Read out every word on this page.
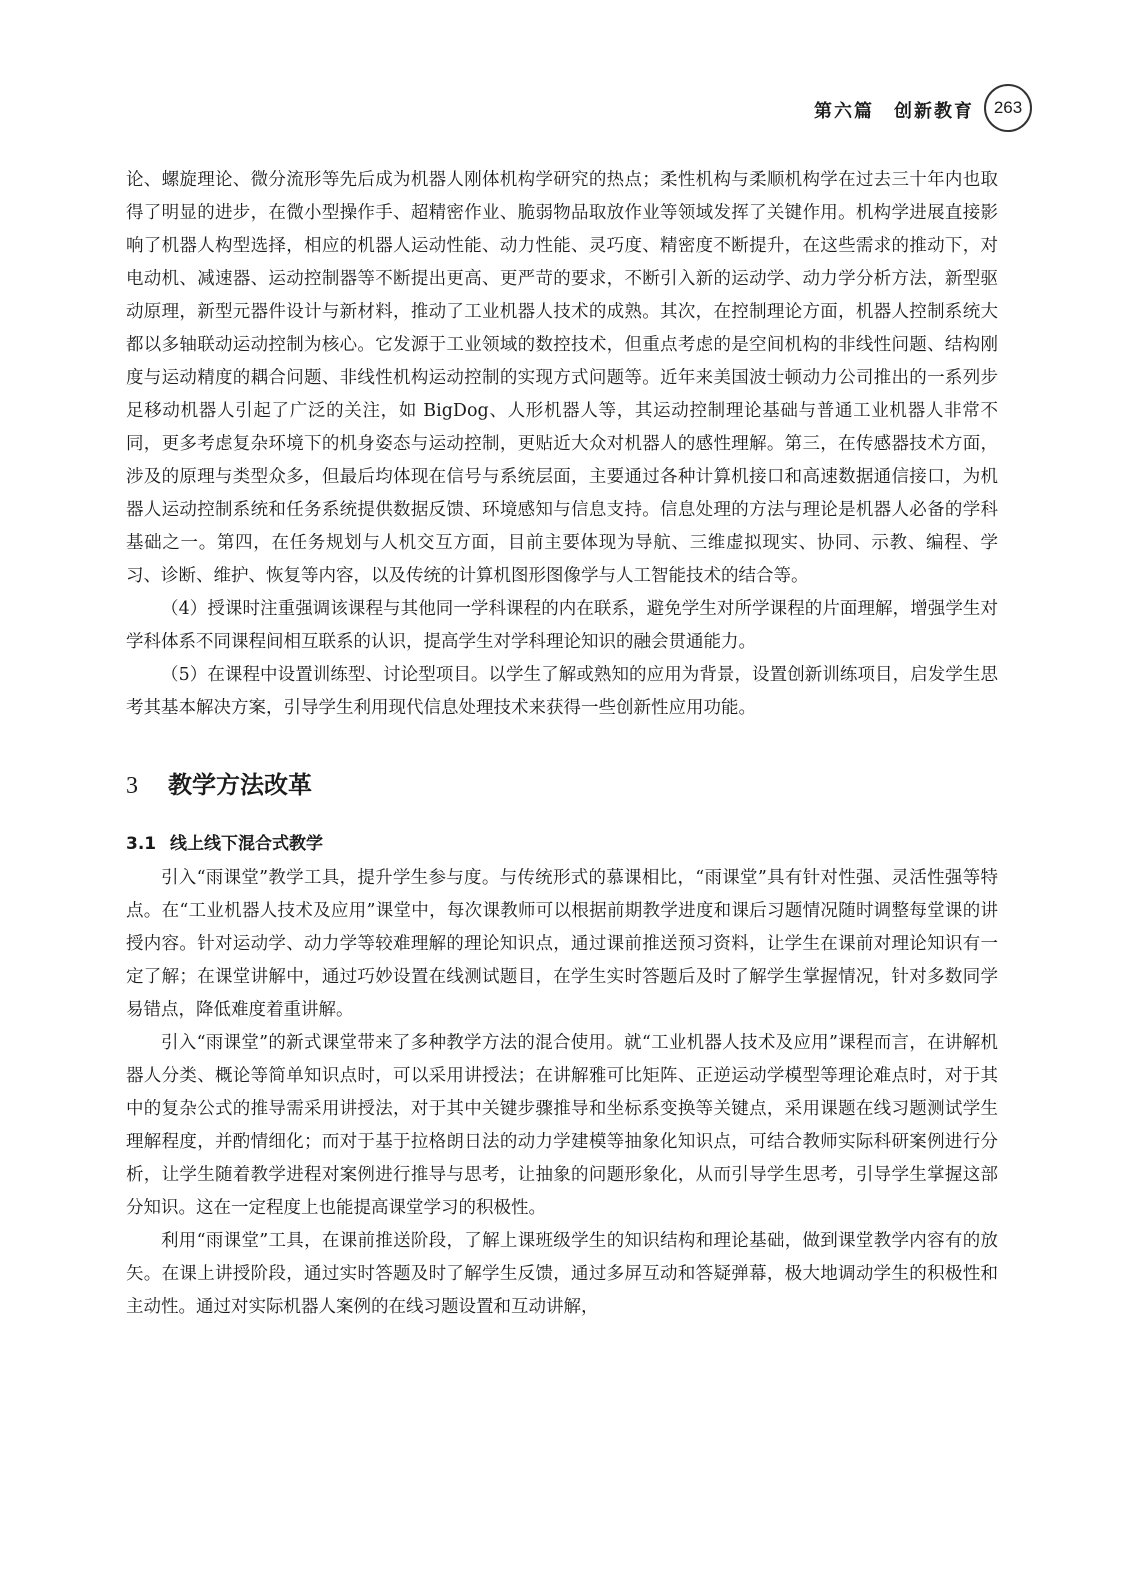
第六篇　创新教育	263

论、螺旋理论、微分流形等先后成为机器人刚体机构学研究的热点；柔性机构与柔顺机构学在过去三十年内也取得了明显的进步，在微小型操作手、超精密作业、脆弱物品取放作业等领域发挥了关键作用。机构学进展直接影响了机器人构型选择，相应的机器人运动性能、动力性能、灵巧度、精密度不断提升，在这些需求的推动下，对电动机、减速器、运动控制器等不断提出更高、更严苛的要求，不断引入新的运动学、动力学分析方法，新型驱动原理，新型元器件设计与新材料，推动了工业机器人技术的成熟。其次，在控制理论方面，机器人控制系统大都以多轴联动运动控制为核心。它发源于工业领域的数控技术，但重点考虑的是空间机构的非线性问题、结构刚度与运动精度的耦合问题、非线性机构运动控制的实现方式问题等。近年来美国波士顿动力公司推出的一系列步足移动机器人引起了广泛的关注，如 BigDog、人形机器人等，其运动控制理论基础与普通工业机器人非常不同，更多考虑复杂环境下的机身姿态与运动控制，更贴近大众对机器人的感性理解。第三，在传感器技术方面，涉及的原理与类型众多，但最后均体现在信号与系统层面，主要通过各种计算机接口和高速数据通信接口，为机器人运动控制系统和任务系统提供数据反馈、环境感知与信息支持。信息处理的方法与理论是机器人必备的学科基础之一。第四，在任务规划与人机交互方面，目前主要体现为导航、三维虚拟现实、协同、示教、编程、学习、诊断、维护、恢复等内容，以及传统的计算机图形图像学与人工智能技术的结合等。

（4）授课时注重强调该课程与其他同一学科课程的内在联系，避免学生对所学课程的片面理解，增强学生对学科体系不同课程间相互联系的认识，提高学生对学科理论知识的融会贯通能力。

（5）在课程中设置训练型、讨论型项目。以学生了解或熟知的应用为背景，设置创新训练项目，启发学生思考其基本解决方案，引导学生利用现代信息处理技术来获得一些创新性应用功能。

3 教学方法改革
3.1 线上线下混合式教学

引入“雨课堂”教学工具，提升学生参与度。与传统形式的慕课相比，“雨课堂”具有针对性强、灵活性强等特点。在“工业机器人技术及应用”课堂中，每次课教师可以根据前期教学进度和课后习题情况随时调整每堂课的讲授内容。针对运动学、动力学等较难理解的理论知识点，通过课前推送预习资料，让学生在课前对理论知识有一定了解；在课堂讲解中，通过巧妙设置在线测试题目，在学生实时答题后及时了解学生掌握情况，针对多数同学易错点，降低难度着重讲解。

引入“雨课堂”的新式课堂带来了多种教学方法的混合使用。就“工业机器人技术及应用”课程而言，在讲解机器人分类、概论等简单知识点时，可以采用讲授法；在讲解雅可比矩阵、正逆运动学模型等理论难点时，对于其中的复杂公式的推导需采用讲授法，对于其中关键步骤推导和坐标系变换等关键点，采用课题在线习题测试学生理解程度，并酌情细化；而对于基于拉格朗日法的动力学建模等抽象化知识点，可结合教师实际科研案例进行分析，让学生随着教学进程对案例进行推导与思考，让抽象的问题形象化，从而引导学生思考，引导学生掌握这部分知识。这在一定程度上也能提高课堂学习的积极性。

利用“雨课堂”工具，在课前推送阶段，了解上课班级学生的知识结构和理论基础，做到课堂教学内容有的放矢。在课上讲授阶段，通过实时答题及时了解学生反馈，通过多屏互动和答疑弹幕，极大地调动学生的积极性和主动性。通过对实际机器人案例的在线习题设置和互动讲解，
